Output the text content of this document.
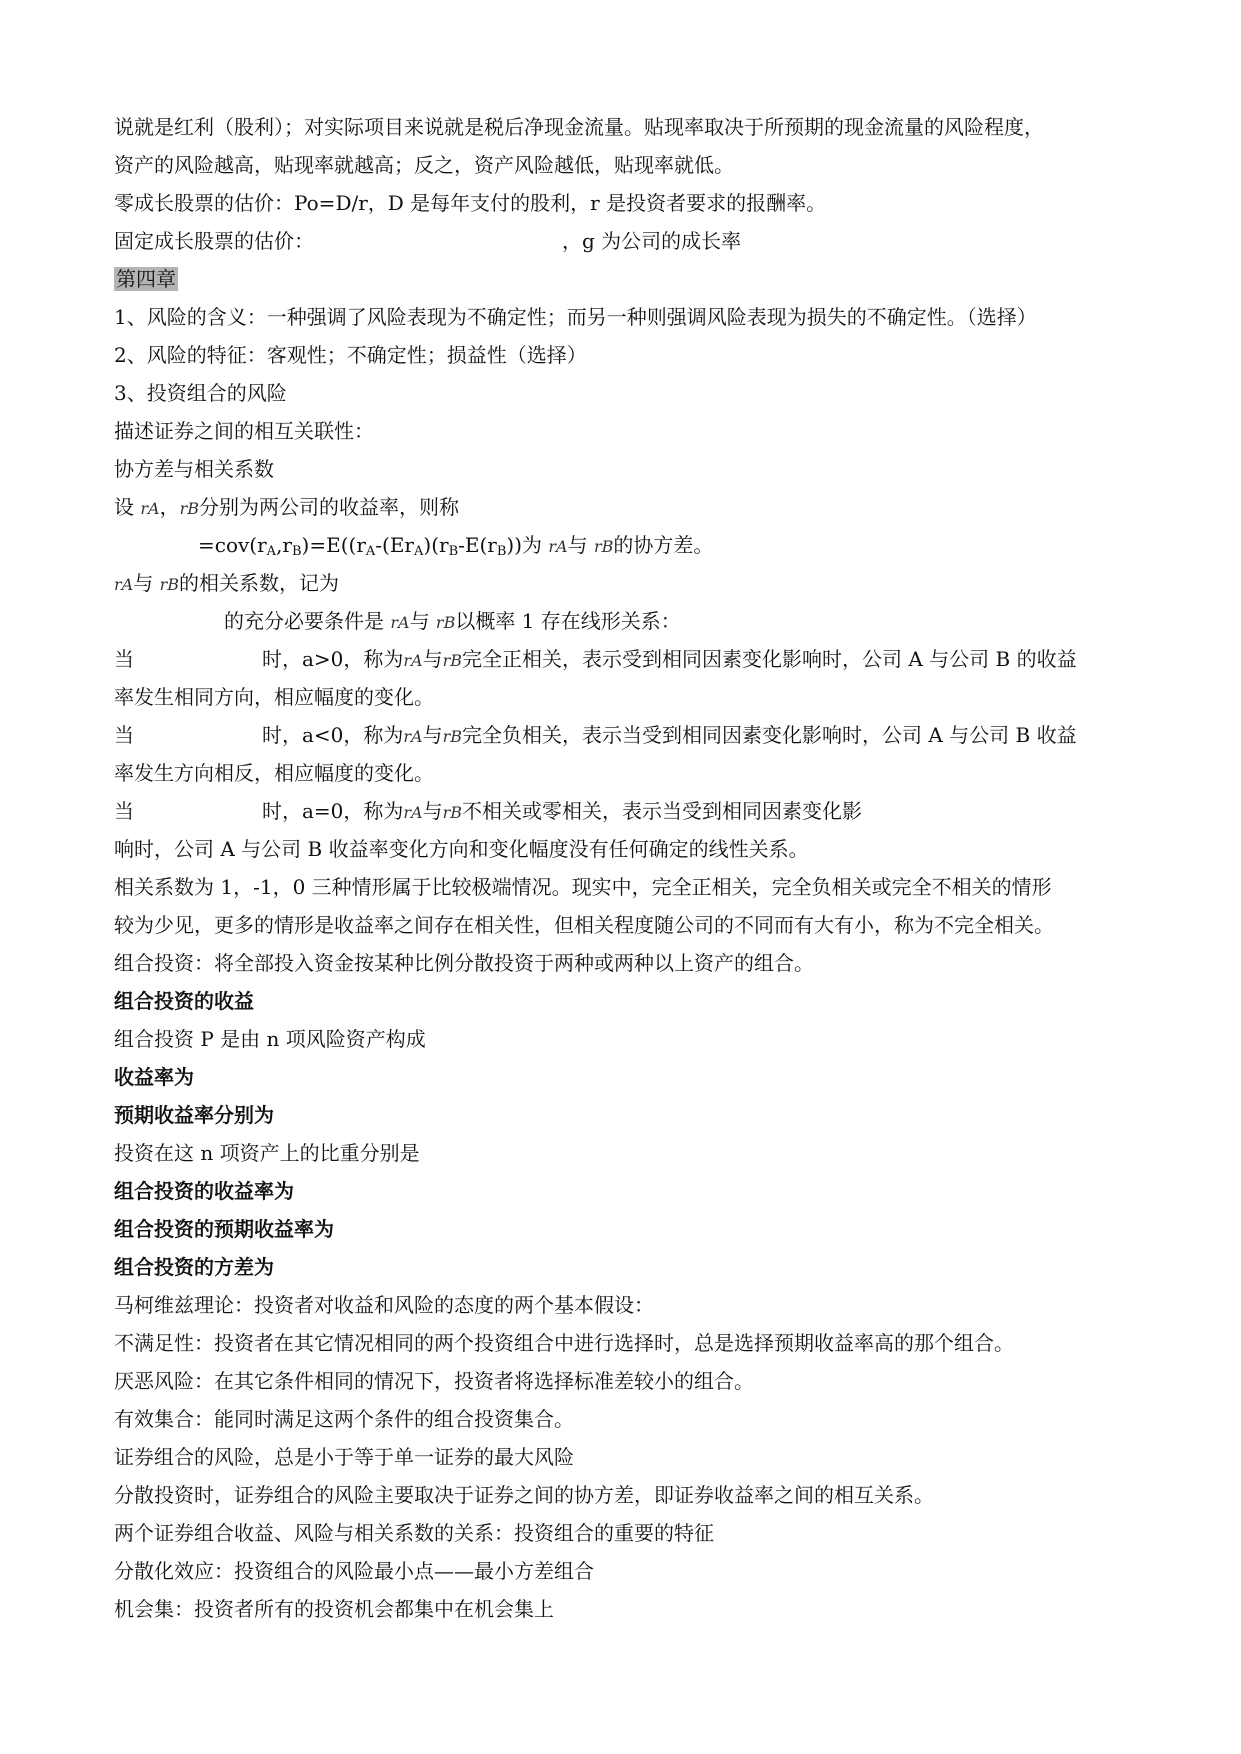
说就是红利（股利）；对实际项目来说就是税后净现金流量。贴现率取决于所预期的现金流量的风险程度，
资产的风险越高，贴现率就越高；反之，资产风险越低，贴现率就低。
零成长股票的估价：Po=D/r，D 是每年支付的股利，r 是投资者要求的报酬率。
固定成长股票的估价：	，g 为公司的成长率
第四章
1、风险的含义：一种强调了风险表现为不确定性；而另一种则强调风险表现为损失的不确定性。（选择）
2、风险的特征：客观性；不确定性；损益性（选择）
3、投资组合的风险
描述证券之间的相互关联性：
协方差与相关系数
设 rA，rB分别为两公司的收益率，则称
$=cov(r_A,r_B)=E((r_A-(Er_A)(r_B-E(r_B))$为 rA与 rB的协方差。
rA与 rB的相关系数，记为
的充分必要条件是 rA与 rB以概率 1 存在线形关系：
当	时，a>0，称为rA与rB完全正相关，表示受到相同因素变化影响时，公司 A 与公司 B 的收益
率发生相同方向，相应幅度的变化。
当	时，a<0，称为rA与rB完全负相关，表示当受到相同因素变化影响时，公司 A 与公司 B 收益
率发生方向相反，相应幅度的变化。
当	时，a=0，称为rA与rB不相关或零相关，表示当受到相同因素变化影
响时，公司 A 与公司 B 收益率变化方向和变化幅度没有任何确定的线性关系。
相关系数为 1，-1，0 三种情形属于比较极端情况。现实中，完全正相关，完全负相关或完全不相关的情形
较为少见，更多的情形是收益率之间存在相关性，但相关程度随公司的不同而有大有小，称为不完全相关。
组合投资：将全部投入资金按某种比例分散投资于两种或两种以上资产的组合。
组合投资的收益
组合投资 P 是由 n 项风险资产构成
收益率为
预期收益率分别为
投资在这 n 项资产上的比重分别是
组合投资的收益率为
组合投资的预期收益率为
组合投资的方差为
马柯维兹理论：投资者对收益和风险的态度的两个基本假设：
不满足性：投资者在其它情况相同的两个投资组合中进行选择时，总是选择预期收益率高的那个组合。
厌恶风险：在其它条件相同的情况下，投资者将选择标准差较小的组合。
有效集合：能同时满足这两个条件的组合投资集合。
证券组合的风险，总是小于等于单一证券的最大风险
分散投资时，证券组合的风险主要取决于证券之间的协方差，即证券收益率之间的相互关系。
两个证券组合收益、风险与相关系数的关系：投资组合的重要的特征
分散化效应：投资组合的风险最小点——最小方差组合
机会集：投资者所有的投资机会都集中在机会集上
